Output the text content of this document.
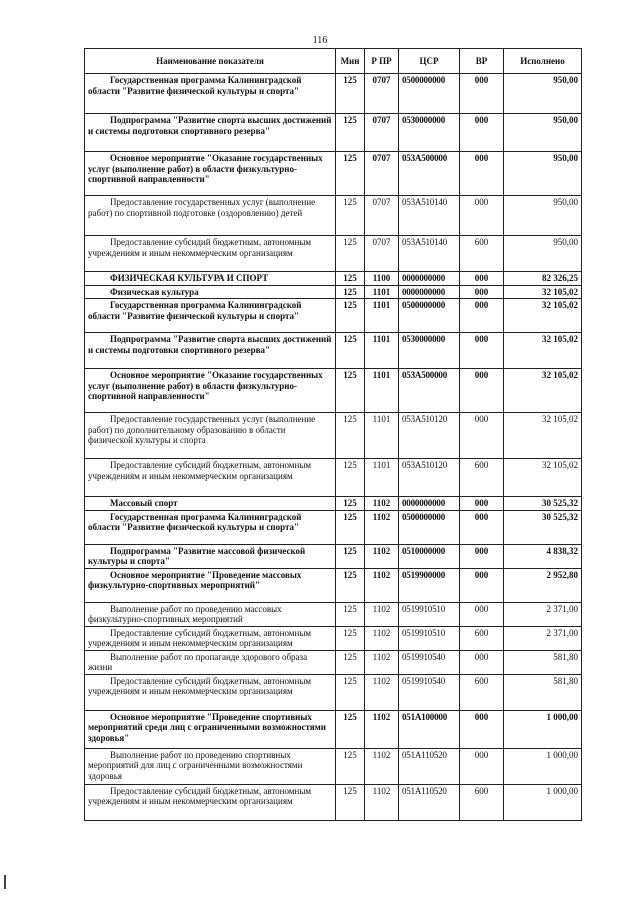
116
Наименование показателя	Мин	Р ПР	ЦСР	ВР	Исполнено
Государственная программа Калининградской области "Развитие физической культуры и спорта"	125	0707	0500000000	000	950,00
Подпрограмма "Развитие спорта высших достижений и системы подготовки спортивного резерва"	125	0707	0530000000	000	950,00
Основное мероприятие "Оказание государственных услуг (выполнение работ) в области физкультурно-спортивной направленности"	125	0707	053А500000	000	950,00
Предоставление государственных услуг (выполнение работ) по спортивной подготовке (оздоровлению) детей	125	0707	053А510140	000	950,00
Предоставление субсидий бюджетным, автономным учреждениям и иным некоммерческим организациям	125	0707	053А510140	600	950,00
ФИЗИЧЕСКАЯ КУЛЬТУРА И СПОРТ	125	1100	0000000000	000	82 326,25
Физическая культура	125	1101	0000000000	000	32 105,02
Государственная программа Калининградской области "Развитие физической культуры и спорта"	125	1101	0500000000	000	32 105,02
Подпрограмма "Развитие спорта высших достижений и системы подготовки спортивного резерва"	125	1101	0530000000	000	32 105,02
Основное мероприятие "Оказание государственных услуг (выполнение работ) в области физкультурно-спортивной направленности"	125	1101	053А500000	000	32 105,02
Предоставление государственных услуг (выполнение работ) по дополнительному образованию в области физической культуры и спорта	125	1101	053А510120	000	32 105,02
Предоставление субсидий бюджетным, автономным учреждениям и иным некоммерческим организациям	125	1101	053А510120	600	32 105,02
Массовый спорт	125	1102	0000000000	000	30 525,32
Государственная программа Калининградской области "Развитие физической культуры и спорта"	125	1102	0500000000	000	30 525,32
Подпрограмма "Развитие массовой физической культуры и спорта"	125	1102	0510000000	000	4 838,32
Основное мероприятие "Проведение массовых физкультурно-спортивных мероприятий"	125	1102	0519900000	000	2 952,80
Выполнение работ по проведению массовых физкультурно-спортивных мероприятий	125	1102	0519910510	000	2 371,00
Предоставление субсидий бюджетным, автономным учреждениям и иным некоммерческим организациям	125	1102	0519910510	600	2 371,00
Выполнение работ по пропаганде здорового образа жизни	125	1102	0519910540	000	581,80
Предоставление субсидий бюджетным, автономным учреждениям и иным некоммерческим организациям	125	1102	0519910540	600	581,80
Основное мероприятие "Проведение спортивных мероприятий среди лиц с ограниченными возможностями здоровья"	125	1102	051А100000	000	1 000,00
Выполнение работ по проведению спортивных мероприятий для лиц с ограниченными возможностями здоровья	125	1102	051А110520	000	1 000,00
Предоставление субсидий бюджетным, автономным учреждениям и иным некоммерческим организациям	125	1102	051А110520	600	1 000,00
